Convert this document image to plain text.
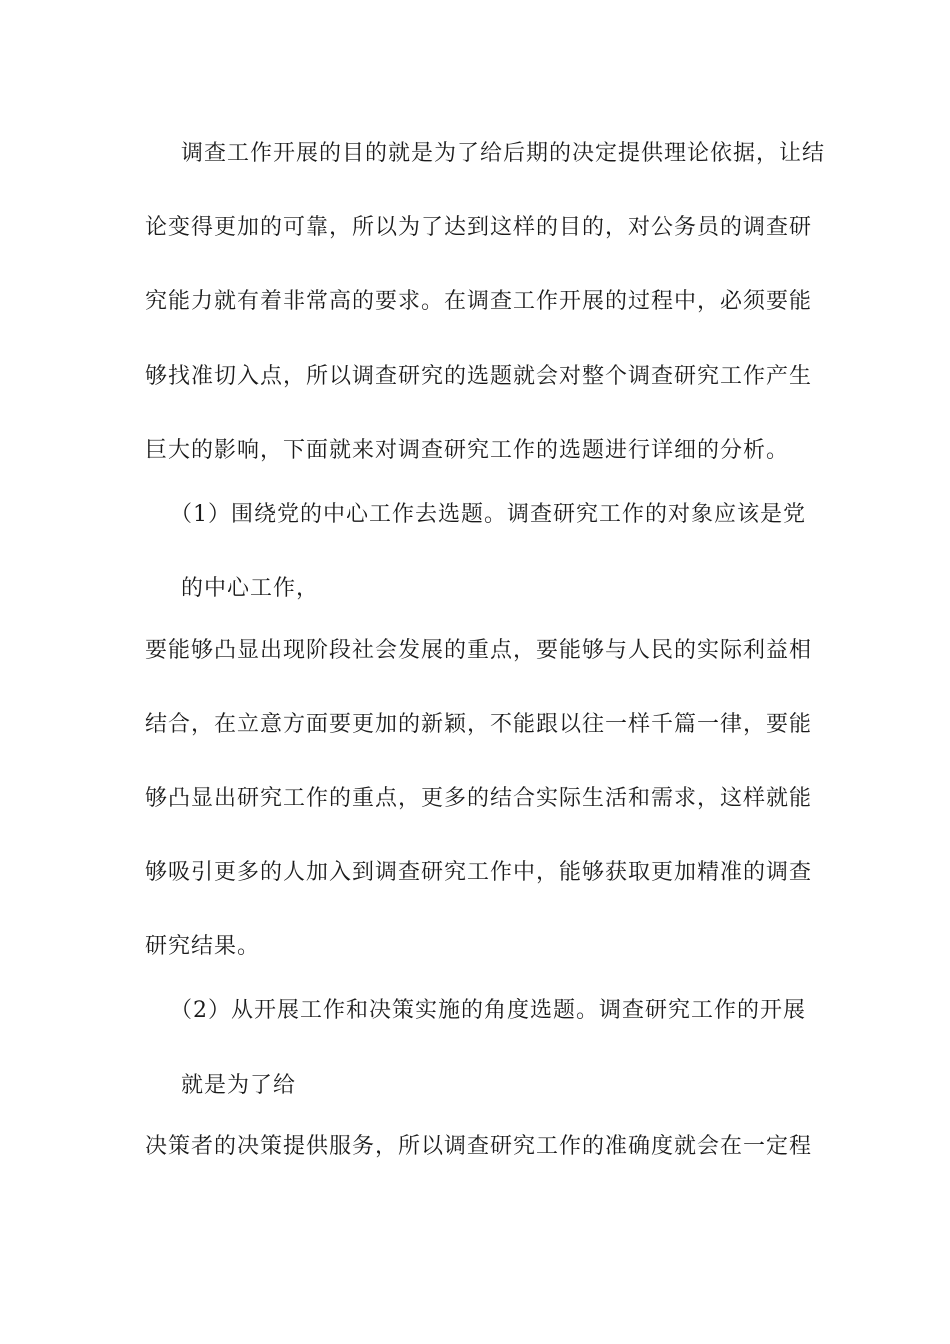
调查工作开展的目的就是为了给后期的决定提供理论依据，让结
论变得更加的可靠，所以为了达到这样的目的，对公务员的调查研
究能力就有着非常高的要求。在调查工作开展的过程中，必须要能
够找准切入点，所以调查研究的选题就会对整个调查研究工作产生
巨大的影响，下面就来对调查研究工作的选题进行详细的分析。
（1）围绕党的中心工作去选题。调查研究工作的对象应该是党
的中心工作，
要能够凸显出现阶段社会发展的重点，要能够与人民的实际利益相
结合，在立意方面要更加的新颖，不能跟以往一样千篇一律，要能
够凸显出研究工作的重点，更多的结合实际生活和需求，这样就能
够吸引更多的人加入到调查研究工作中，能够获取更加精准的调查
研究结果。
（2）从开展工作和决策实施的角度选题。调查研究工作的开展
就是为了给
决策者的决策提供服务，所以调查研究工作的准确度就会在一定程
